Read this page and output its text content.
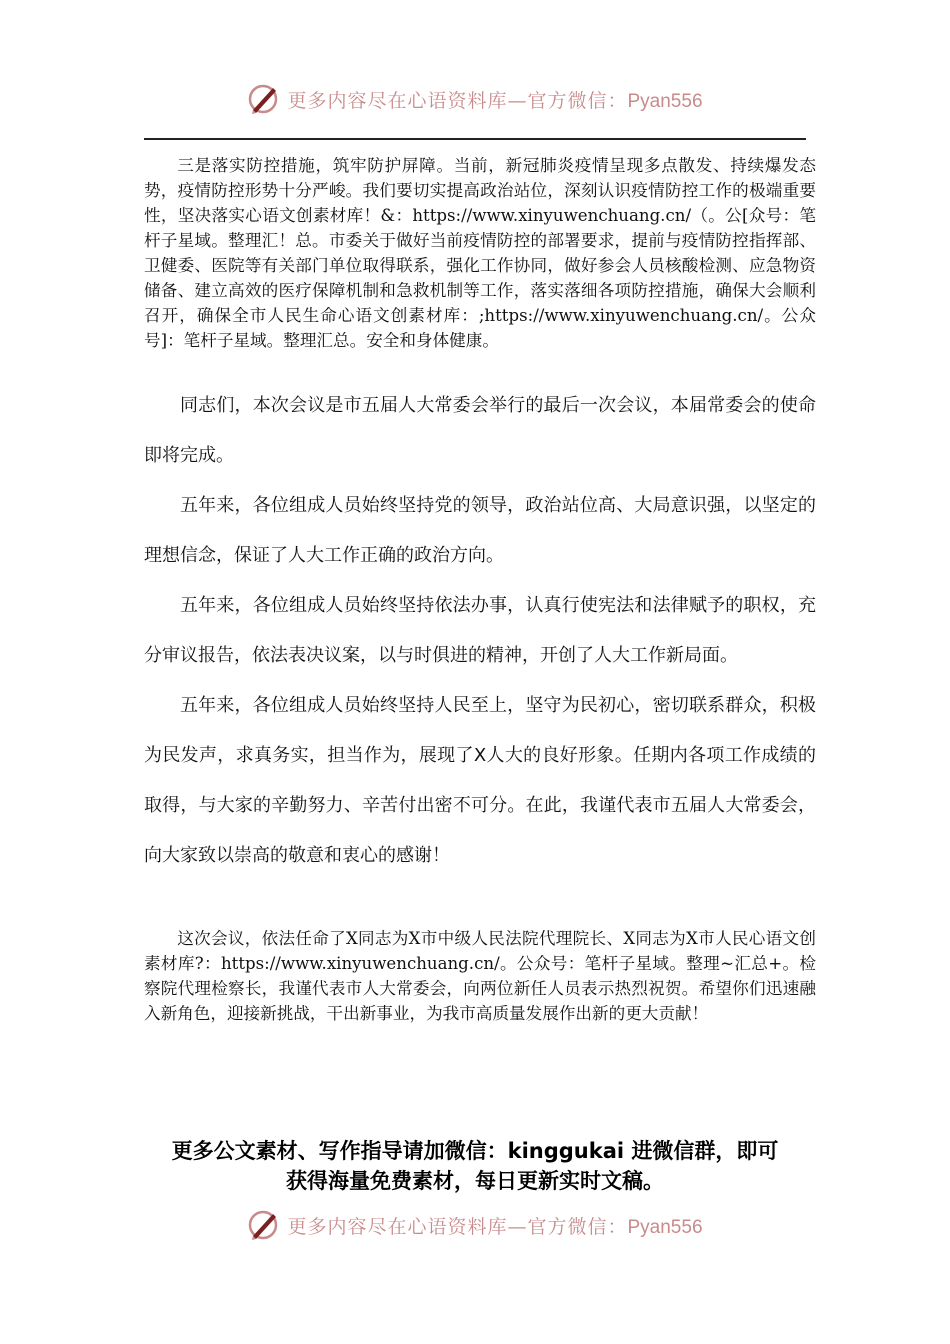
更多内容尽在心语资料库—官方微信：Pyan556

三是落实防控措施，筑牢防护屏障。当前，新冠肺炎疫情呈现多点散发、持续爆发态势，疫情防控形势十分严峻。我们要切实提高政治站位，深刻认识疫情防控工作的极端重要性，坚决落实心语文创素材库！&：https://www.xinyuwenchuang.cn/（。公[众号：笔杆子星域。整理汇！总。市委关于做好当前疫情防控的部署要求，提前与疫情防控指挥部、卫健委、医院等有关部门单位取得联系，强化工作协同，做好参会人员核酸检测、应急物资储备、建立高效的医疗保障机制和急救机制等工作，落实落细各项防控措施，确保大会顺利召开，确保全市人民生命心语文创素材库：;https://www.xinyuwenchuang.cn/。公众号]：笔杆子星域。整理汇总。安全和身体健康。

同志们，本次会议是市五届人大常委会举行的最后一次会议，本届常委会的使命即将完成。

五年来，各位组成人员始终坚持党的领导，政治站位高、大局意识强，以坚定的理想信念，保证了人大工作正确的政治方向。

五年来，各位组成人员始终坚持依法办事，认真行使宪法和法律赋予的职权，充分审议报告，依法表决议案，以与时俱进的精神，开创了人大工作新局面。

五年来，各位组成人员始终坚持人民至上，坚守为民初心，密切联系群众，积极为民发声，求真务实，担当作为，展现了X人大的良好形象。任期内各项工作成绩的取得，与大家的辛勤努力、辛苦付出密不可分。在此，我谨代表市五届人大常委会，向大家致以崇高的敬意和衷心的感谢！

这次会议，依法任命了X同志为X市中级人民法院代理院长、X同志为X市人民心语文创素材库?：https://www.xinyuwenchuang.cn/。公众号：笔杆子星域。整理~汇总+。检察院代理检察长，我谨代表市人大常委会，向两位新任人员表示热烈祝贺。希望你们迅速融入新角色，迎接新挑战，干出新事业，为我市高质量发展作出新的更大贡献！

更多公文素材、写作指导请加微信：kinggukai 进微信群，即可
获得海量免费素材，每日更新实时文稿。
更多内容尽在心语资料库—官方微信：Pyan556
